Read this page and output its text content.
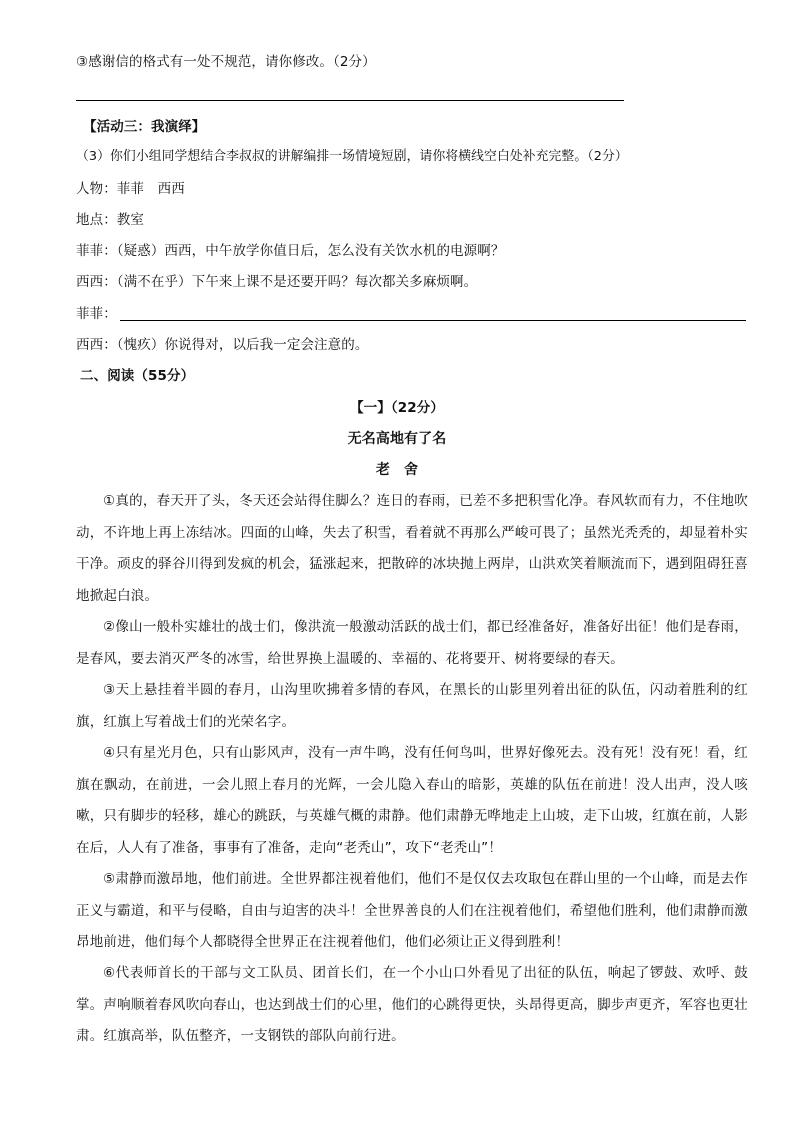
③感谢信的格式有一处不规范，请你修改。（2分）
【活动三：我演绎】
（3）你们小组同学想结合李叔叔的讲解编排一场情境短剧，请你将横线空白处补充完整。（2分）
人物：菲菲　西西
地点：教室
菲菲：（疑惑）西西，中午放学你值日后，怎么没有关饮水机的电源啊？
西西：（满不在乎）下午来上课不是还要开吗？每次都关多麻烦啊。
菲菲：
西西：（愧疚）你说得对，以后我一定会注意的。
二、阅读（55分）
【一】（22分）
无名高地有了名
老　舍
①真的，春天开了头，冬天还会站得住脚么？连日的春雨，已差不多把积雪化净。春风软而有力，不住地吹动，不许地上再上冻结冰。四面的山峰，失去了积雪，看着就不再那么严峻可畏了；虽然光秃秃的，却显着朴实干净。顽皮的驿谷川得到发疯的机会，猛涨起来，把散碎的冰块抛上两岸，山洪欢笑着顺流而下，遇到阻碍狂喜地掀起白浪。
②像山一般朴实雄壮的战士们，像洪流一般激动活跃的战士们，都已经准备好，准备好出征！他们是春雨，是春风，要去消灭严冬的冰雪，给世界换上温暖的、幸福的、花将要开、树将要绿的春天。
③天上悬挂着半圆的春月，山沟里吹拂着多情的春风，在黑长的山影里列着出征的队伍，闪动着胜利的红旗，红旗上写着战士们的光荣名字。
④只有星光月色，只有山影风声，没有一声牛鸣，没有任何鸟叫，世界好像死去。没有死！没有死！看，红旗在飘动，在前进，一会儿照上春月的光辉，一会儿隐入春山的暗影，英雄的队伍在前进！没人出声，没人咳嗽，只有脚步的轻移，雄心的跳跃，与英雄气概的肃静。他们肃静无哗地走上山坡，走下山坡，红旗在前，人影在后，人人有了准备，事事有了准备，走向“老秃山”，攻下“老秃山”！
⑤肃静而激昂地，他们前进。全世界都注视着他们，他们不是仅仅去攻取包在群山里的一个山峰，而是去作正义与霸道，和平与侵略，自由与迫害的决斗！全世界善良的人们在注视着他们，希望他们胜利，他们肃静而激昂地前进，他们每个人都晓得全世界正在注视着他们，他们必须让正义得到胜利！
⑥代表师首长的干部与文工队员、团首长们，在一个小山口外看见了出征的队伍，响起了锣鼓、欢呼、鼓掌。声响顺着春风吹向春山，也达到战士们的心里，他们的心跳得更快，头昂得更高，脚步声更齐，军容也更壮肃。红旗高举，队伍整齐，一支钢铁的部队向前行进。
